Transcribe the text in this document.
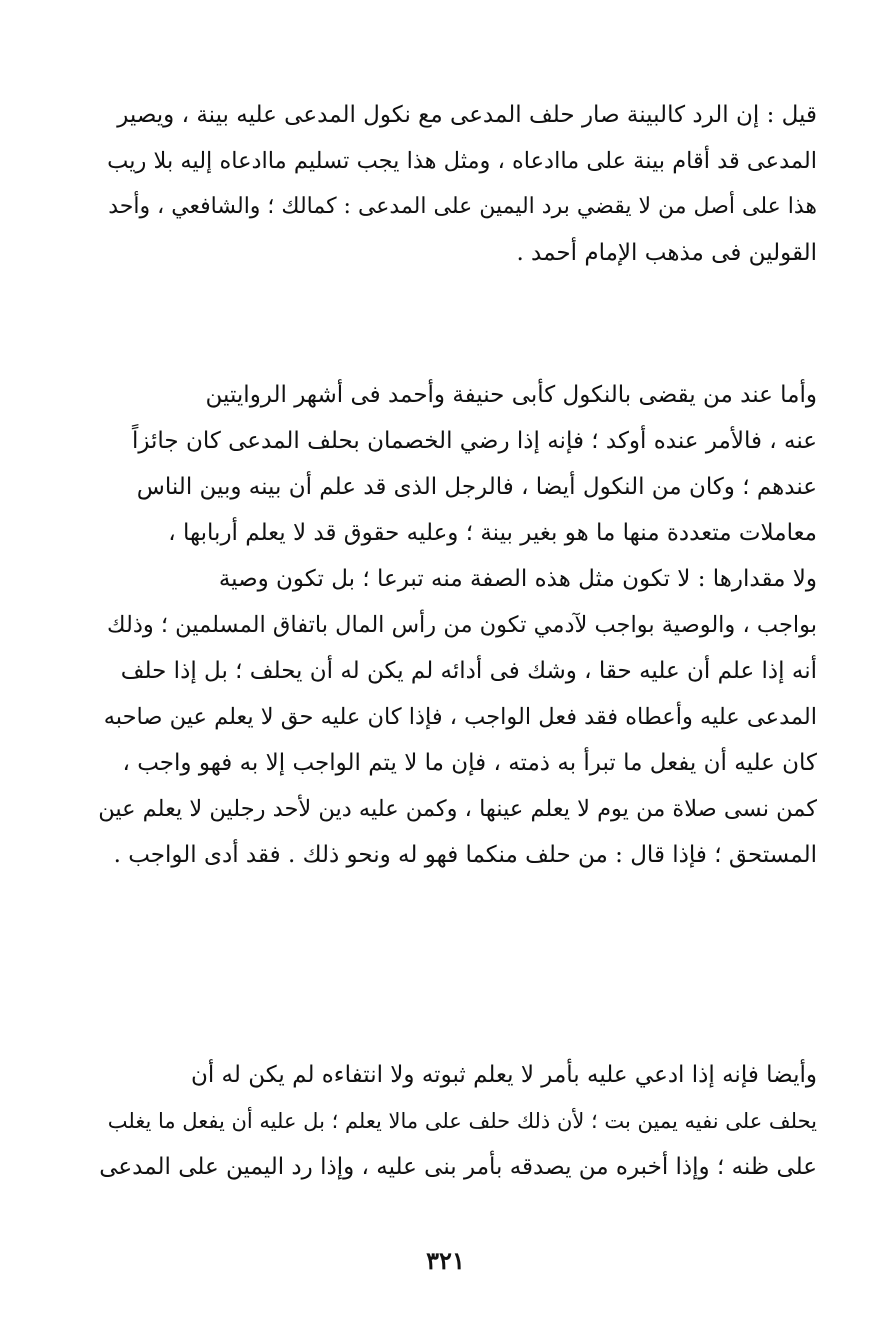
قيل : إن الرد كالبينة صار حلف المدعى مع نكول المدعى عليه بينة ، ويصير
المدعى قد أقام بينة على ماادعاه ، ومثل هذا يجب تسليم ماادعاه إليه بلا ريب
هذا على أصل من لا يقضي برد اليمين على المدعى : كمالك ؛ والشافعي ، وأحد
القولين فى مذهب الإمام أحمد .
وأما عند من يقضى بالنكول كأبى حنيفة وأحمد فى أشهر الروايتين
عنه ، فالأمر عنده أوكد ؛ فإنه إذا رضي الخصمان بحلف المدعى كان جائزاً
عندهم ؛ وكان من النكول أيضا ، فالرجل الذى قد علم أن بينه وبين الناس
معاملات متعددة منها ما هو بغير بينة ؛ وعليه حقوق قد لا يعلم أربابها ،
ولا مقدارها : لا تكون مثل هذه الصفة منه تبرعا ؛ بل تكون وصية
بواجب ، والوصية بواجب لآدمي تكون من رأس المال باتفاق المسلمين ؛ وذلك
أنه إذا علم أن عليه حقا ، وشك فى أدائه لم يكن له أن يحلف ؛ بل إذا حلف
المدعى عليه وأعطاه فقد فعل الواجب ، فإذا كان عليه حق لا يعلم عين صاحبه
كان عليه أن يفعل ما تبرأ به ذمته ، فإن ما لا يتم الواجب إلا به فهو واجب ،
كمن نسى صلاة من يوم لا يعلم عينها ، وكمن عليه دين لأحد رجلين لا يعلم عين
المستحق ؛ فإذا قال : من حلف منكما فهو له ونحو ذلك . فقد أدى الواجب .
وأيضا فإنه إذا ادعي عليه بأمر لا يعلم ثبوته ولا انتفاءه لم يكن له أن
يحلف على نفيه يمين بت ؛ لأن ذلك حلف على مالا يعلم ؛ بل عليه أن يفعل ما يغلب
على ظنه ؛ وإذا أخبره من يصدقه بأمر بنى عليه ، وإذا رد اليمين على المدعى
٣٢١
